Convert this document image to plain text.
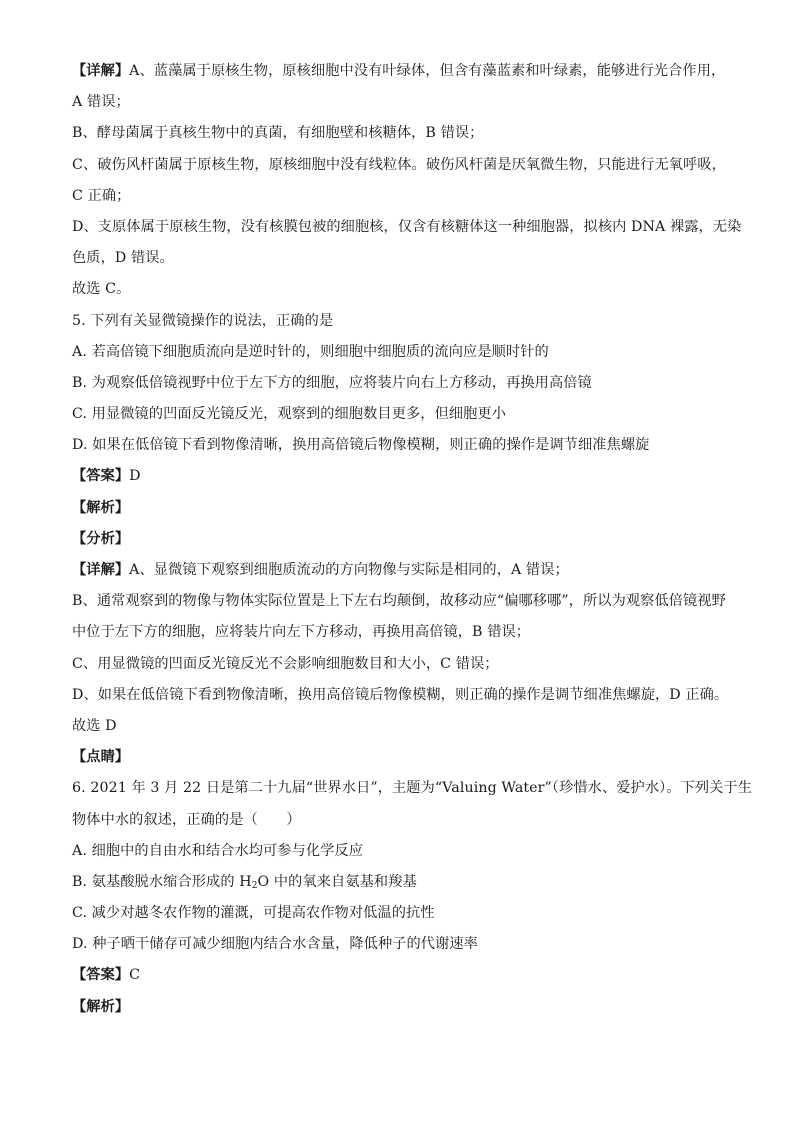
【详解】A、蓝藻属于原核生物，原核细胞中没有叶绿体，但含有藻蓝素和叶绿素，能够进行光合作用，
A 错误；
B、酵母菌属于真核生物中的真菌，有细胞壁和核糖体，B 错误；
C、破伤风杆菌属于原核生物，原核细胞中没有线粒体。破伤风杆菌是厌氧微生物，只能进行无氧呼吸，
C 正确；
D、支原体属于原核生物，没有核膜包被的细胞核，仅含有核糖体这一种细胞器，拟核内 DNA 裸露，无染
色质，D 错误。
故选 C。
5. 下列有关显微镜操作的说法，正确的是
A. 若高倍镜下细胞质流向是逆时针的，则细胞中细胞质的流向应是顺时针的
B. 为观察低倍镜视野中位于左下方的细胞，应将装片向右上方移动，再换用高倍镜
C. 用显微镜的凹面反光镜反光，观察到的细胞数目更多，但细胞更小
D. 如果在低倍镜下看到物像清晰，换用高倍镜后物像模糊，则正确的操作是调节细准焦螺旋
【答案】D
【解析】
【分析】
【详解】A、显微镜下观察到细胞质流动的方向物像与实际是相同的，A 错误；
B、通常观察到的物像与物体实际位置是上下左右均颠倒，故移动应“偏哪移哪”，所以为观察低倍镜视野
中位于左下方的细胞，应将装片向左下方移动，再换用高倍镜，B 错误；
C、用显微镜的凹面反光镜反光不会影响细胞数目和大小，C 错误；
D、如果在低倍镜下看到物像清晰，换用高倍镜后物像模糊，则正确的操作是调节细准焦螺旋，D 正确。
故选 D
【点睛】
6. 2021 年 3 月 22 日是第二十九届“世界水日”，主题为“Valuing Water”（珍惜水、爱护水）。下列关于生
物体中水的叙述，正确的是（　　）
A. 细胞中的自由水和结合水均可参与化学反应
B. 氨基酸脱水缩合形成的 $H_2O$ 中的氧来自氨基和羧基
C. 减少对越冬农作物的灌溉，可提高农作物对低温的抗性
D. 种子晒干储存可减少细胞内结合水含量，降低种子的代谢速率
【答案】C
【解析】
